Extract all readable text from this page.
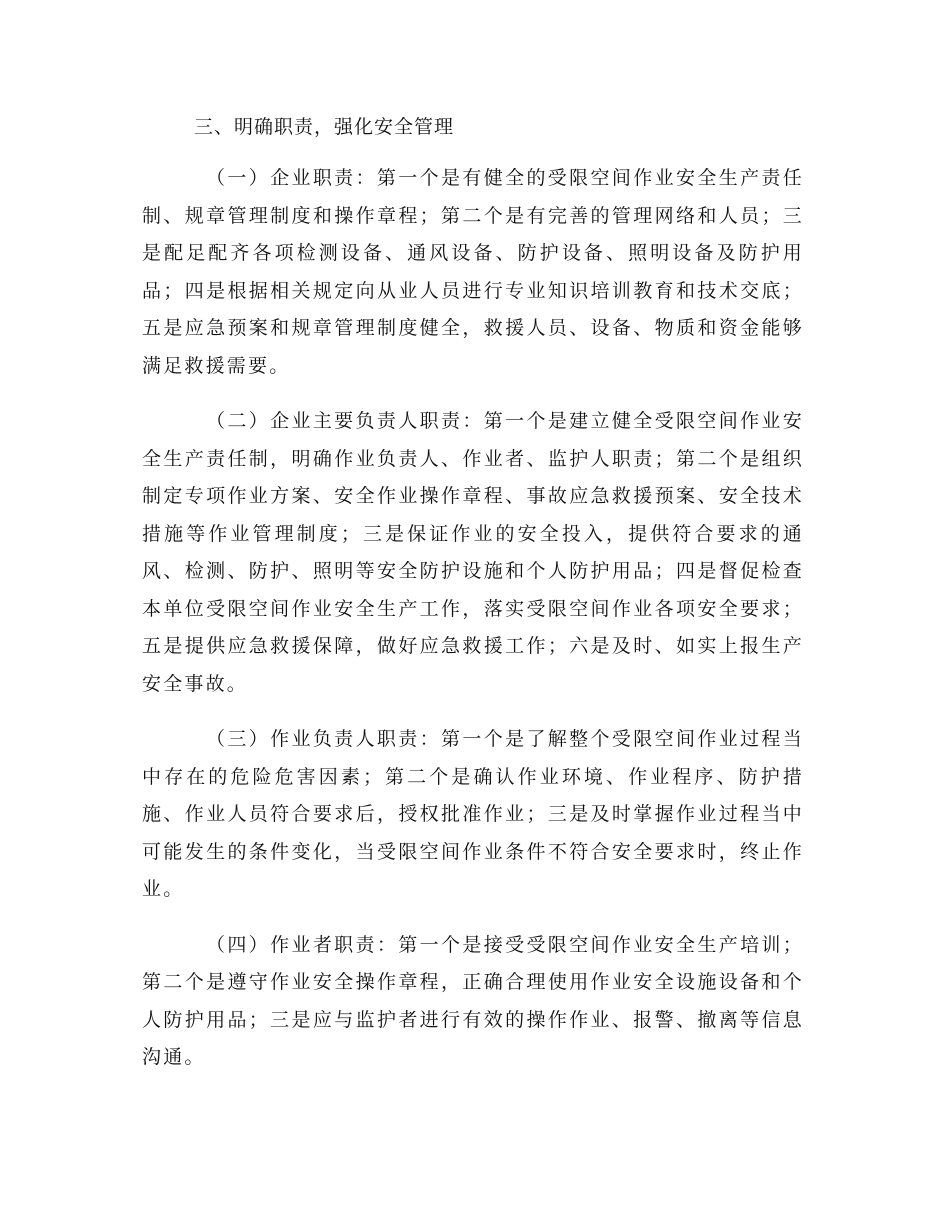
三、明确职责，强化安全管理

（一）企业职责：第一个是有健全的受限空间作业安全生产责任制、规章管理制度和操作章程；第二个是有完善的管理网络和人员；三是配足配齐各项检测设备、通风设备、防护设备、照明设备及防护用品；四是根据相关规定向从业人员进行专业知识培训教育和技术交底；五是应急预案和规章管理制度健全，救援人员、设备、物质和资金能够满足救援需要。

（二）企业主要负责人职责：第一个是建立健全受限空间作业安全生产责任制，明确作业负责人、作业者、监护人职责；第二个是组织制定专项作业方案、安全作业操作章程、事故应急救援预案、安全技术措施等作业管理制度；三是保证作业的安全投入，提供符合要求的通风、检测、防护、照明等安全防护设施和个人防护用品；四是督促检查本单位受限空间作业安全生产工作，落实受限空间作业各项安全要求；五是提供应急救援保障，做好应急救援工作；六是及时、如实上报生产安全事故。

（三）作业负责人职责：第一个是了解整个受限空间作业过程当中存在的危险危害因素；第二个是确认作业环境、作业程序、防护措施、作业人员符合要求后，授权批准作业；三是及时掌握作业过程当中可能发生的条件变化，当受限空间作业条件不符合安全要求时，终止作业。

（四）作业者职责：第一个是接受受限空间作业安全生产培训；第二个是遵守作业安全操作章程，正确合理使用作业安全设施设备和个人防护用品；三是应与监护者进行有效的操作作业、报警、撤离等信息沟通。
